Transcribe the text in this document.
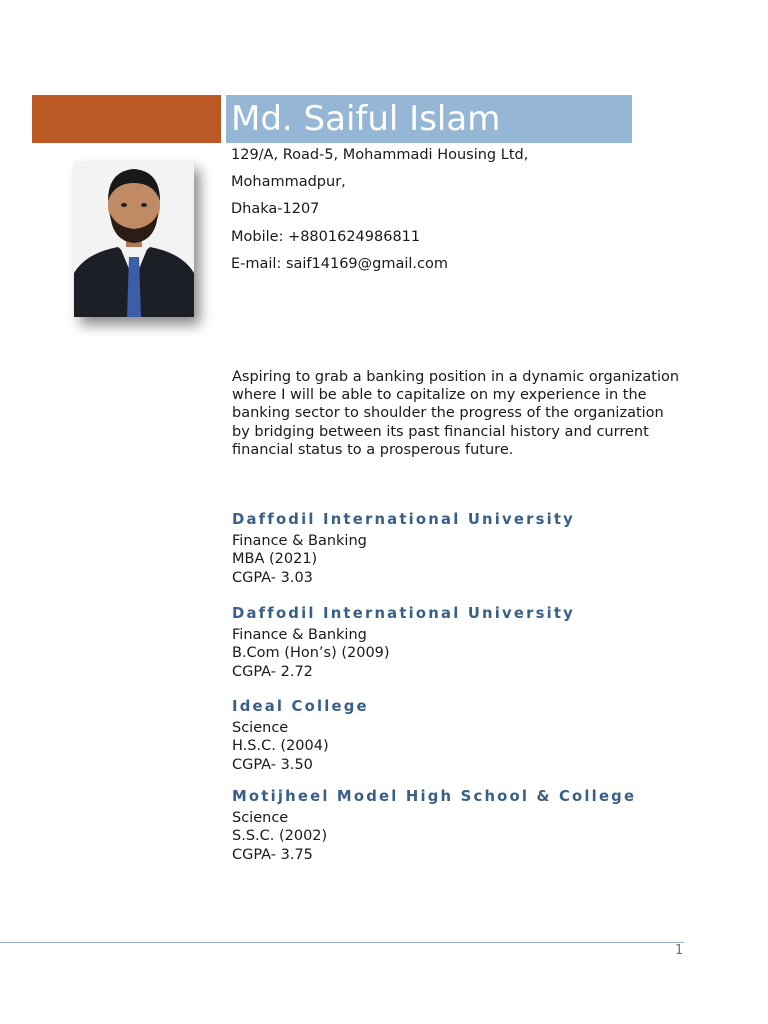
Md. Saiful Islam
129/A, Road-5, Mohammadi Housing Ltd,
Mohammadpur,
Dhaka-1207
Mobile: +8801624986811
E-mail: saif14169@gmail.com
Aspiring to grab a banking position in a dynamic organization where I will be able to capitalize on my experience in the banking sector to shoulder the progress of the organization by bridging between its past financial history and current financial status to a prosperous future.
Daffodil International University
Finance & Banking
MBA (2021)
CGPA- 3.03
Daffodil International University
Finance & Banking
B.Com (Hon’s) (2009)
CGPA- 2.72
Ideal College
Science
H.S.C. (2004)
CGPA- 3.50
Motijheel Model High School & College
Science
S.S.C. (2002)
CGPA- 3.75
1
